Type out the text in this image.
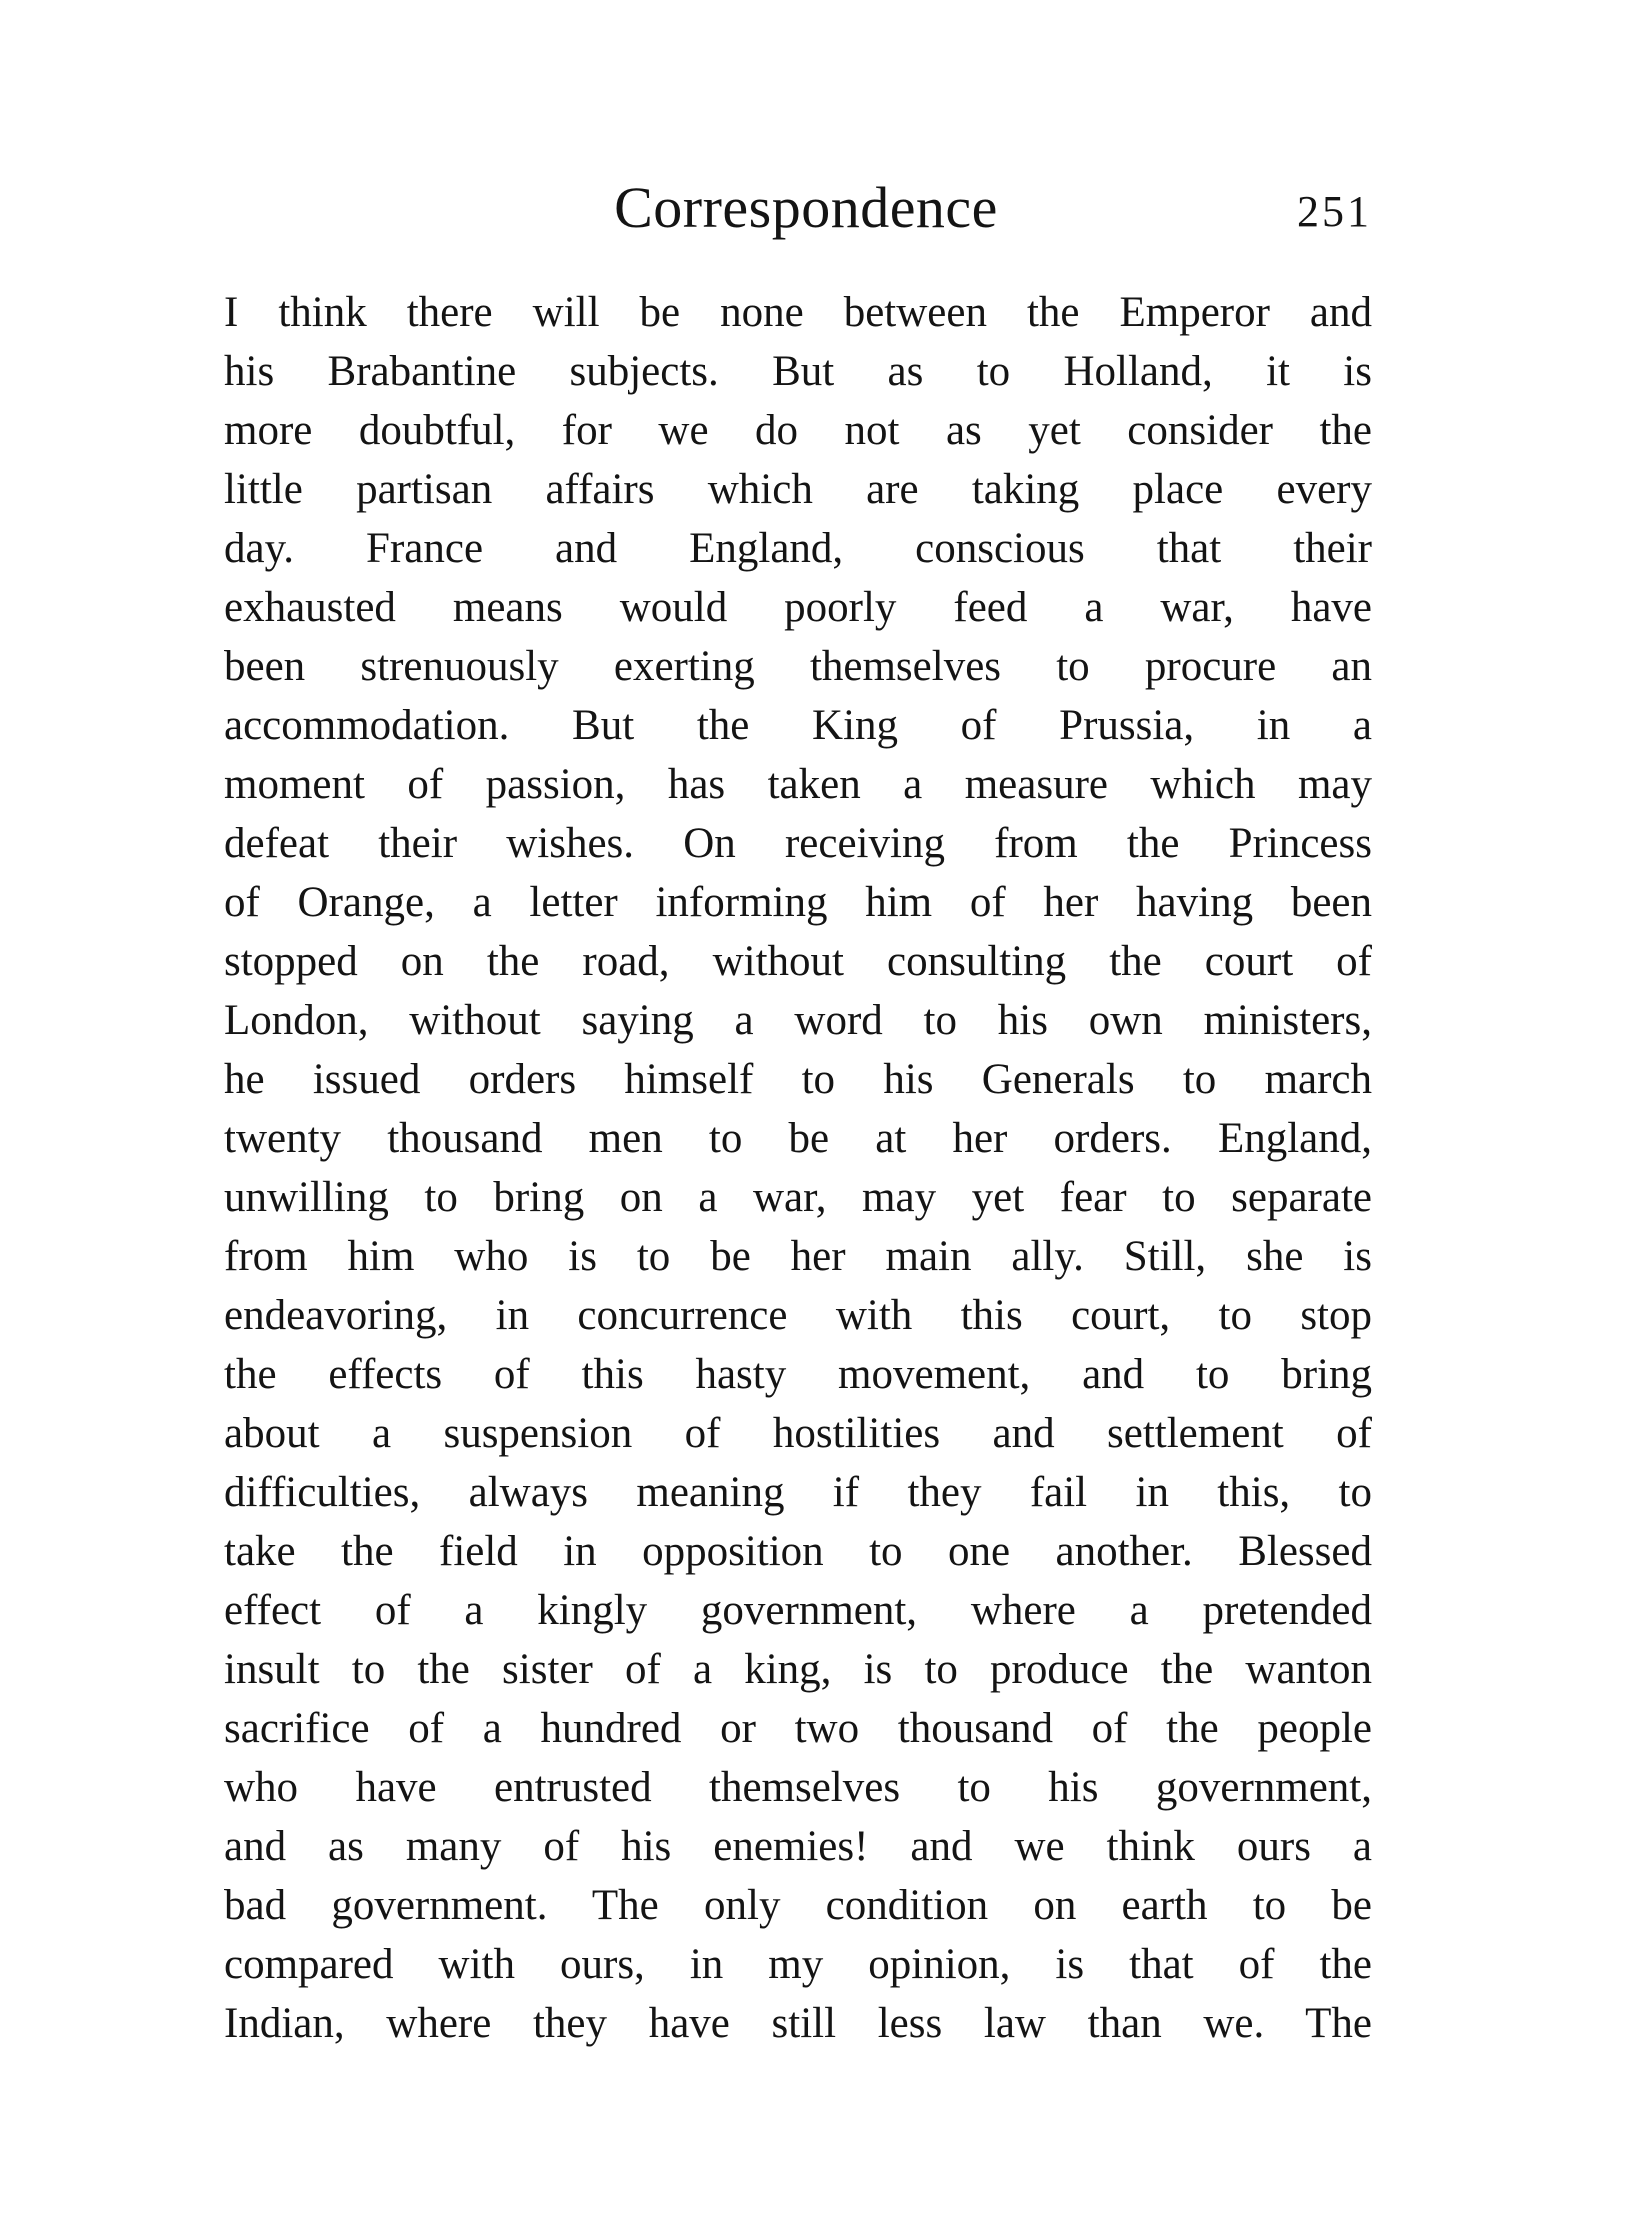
Correspondence	251
I think there will be none between the Emperor and
his Brabantine subjects. But as to Holland, it is
more doubtful, for we do not as yet consider the
little partisan affairs which are taking place every
day. France and England, conscious that their
exhausted means would poorly feed a war, have
been strenuously exerting themselves to procure an
accommodation. But the King of Prussia, in a
moment of passion, has taken a measure which may
defeat their wishes. On receiving from the Princess
of Orange, a letter informing him of her having been
stopped on the road, without consulting the court of
London, without saying a word to his own ministers,
he issued orders himself to his Generals to march
twenty thousand men to be at her orders. England,
unwilling to bring on a war, may yet fear to separate
from him who is to be her main ally. Still, she is
endeavoring, in concurrence with this court, to stop
the effects of this hasty movement, and to bring
about a suspension of hostilities and settlement of
difficulties, always meaning if they fail in this, to
take the field in opposition to one another. Blessed
effect of a kingly government, where a pretended
insult to the sister of a king, is to produce the wanton
sacrifice of a hundred or two thousand of the people
who have entrusted themselves to his government,
and as many of his enemies! and we think ours a
bad government. The only condition on earth to be
compared with ours, in my opinion, is that of the
Indian, where they have still less law than we. The
